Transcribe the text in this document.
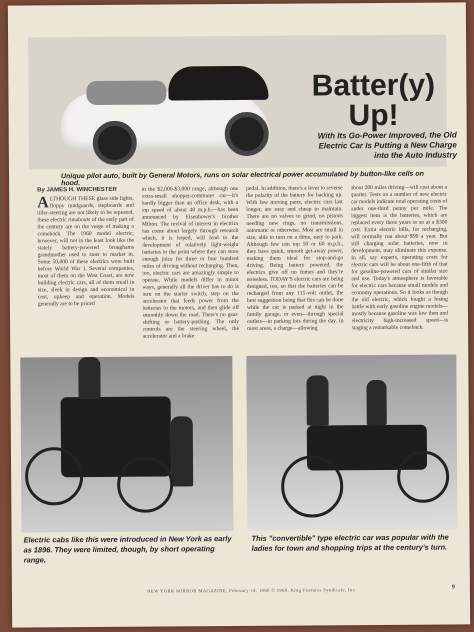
Batter(y) Up!
With Its Go-Power Improved, the Old Electric Car Is Putting a New Charge into the Auto Industry
Unique pilot auto, built by General Motors, runs on solar electrical power accumulated by button-like cells on hood.
By JAMES H. WINCHESTER
A LTHOUGH THESE glass side lights, floppy mudguards, stepboards and tiller-steering are not likely to be repeated, these electric runabouts of the early part of the century are on the verge of making a comeback. The 1960 model electric, however, will not in the least look like the stately battery-powered broughams grandmother used to steer to market in. Some 50,000 of these electrics were built before World War I. Several companies, most of them on the West Coast, are now building electric cars, all of them small in size, sleek in design and economical in cost, upkeep and operation. Models generally are to be priced
in the $2,000-$3,000 range, although one extra-small shopper-commuter car—it's hardly bigger than an office desk, with a top speed of about 40 m.p.h.—has been announced by Eisenhower's brother Milton. The revival of interest in electrics has come about largely through research which, it is hoped, will lead to the development of relatively light-weight batteries to the point where they can store enough juice for three or four hundred miles of driving without recharging. Then, too, electric cars are amazingly simple to operate. While models differ in minor ways, generally all the driver has to do is turn on the starter switch, step on the accelerator that feeds power from the batteries to the motors, and then glide off smoothly down the road. There's no gear-shifting or battery-pushing. The only controls are the steering wheel, the accelerator and a brake
pedal. In addition, there's a lever to reverse the polarity of the battery for backing up. With few moving parts, electric cars last longer, are easy and cheap to maintain. There are no valves to grind, no pistons needing new rings, no transmissions, automatic or otherwise. Most are small in size, able to turn on a dime, easy to park. Although few can top 50 or 60 m.p.h., they have quick, smooth get-away power, making them ideal for stop-and-go driving. Being battery powered, the electrics give off no fumes and they're noiseless. TODAY'S electric cars are being designed, too, so that the batteries can be recharged from any 115-volt outlet, the best suggestion being that this can be done while the car is parked at night in the family garage, or even—through special outlets—in parking lots during the day. In most areas, a charge—allowing
about 200 miles driving—will cost about a quarter. Tests on a number of new electric car models indicate total operating costs of under one-third penny per mile. The biggest item is the batteries, which are replaced every three years or so at a $300 cost. Extra electric bills, for recharging, will normally run about $90 a year. But still charging solar batteries, now in development, may eliminate this expense. In all, say experts, operating costs for electric cars will be about one-fifth of that for gasoline-powered cars of similar size and use. Today's atmosphere is favorable for electric cars because small models and economy operations. So it looks as though the old electric, which fought a losing battle with early gasoline engine models—mostly because gasoline was low then and electricity high-increased speed—is staging a remarkable comeback.
Electric cabs like this were introduced in New York as early as 1896. They were limited, though, by short operating range.
This "convertible" type electric car was popular with the ladies for town and shopping trips at the century's turn.
NEW YORK MIRROR MAGAZINE, February 14, 1960 © 1960, King Features Syndicate, Inc.	9
